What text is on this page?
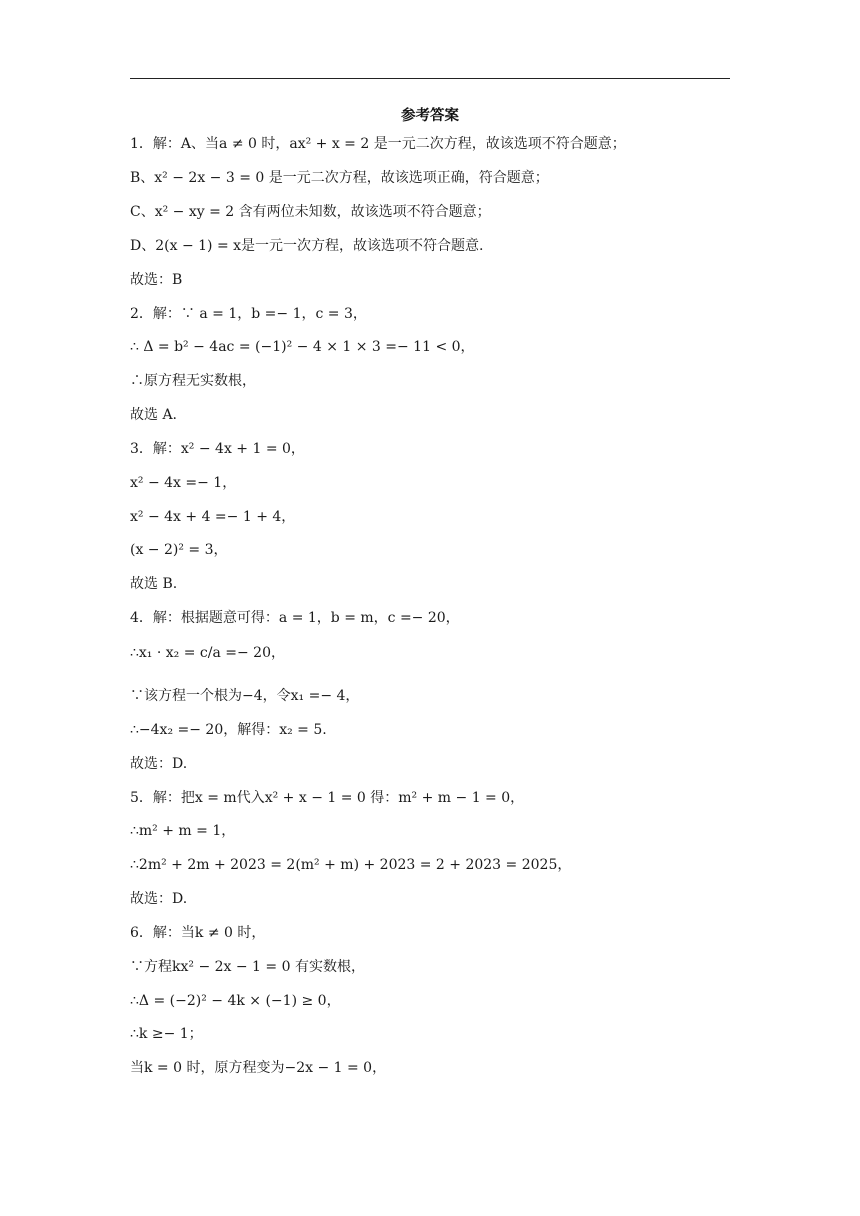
参考答案
1．解：A、当a ≠ 0 时，ax² + x = 2 是一元二次方程，故该选项不符合题意；
B、x² − 2x − 3 = 0 是一元二次方程，故该选项正确，符合题意；
C、x² − xy = 2 含有两位未知数，故该选项不符合题意；
D、2(x − 1) = x是一元一次方程，故该选项不符合题意.
故选：B
2．解：∵ a = 1，b =− 1，c = 3，
∴ Δ = b² − 4ac = (−1)² − 4 × 1 × 3 =− 11 < 0，
∴原方程无实数根，
故选 A.
3．解：x² − 4x + 1 = 0，
x² − 4x =− 1，
x² − 4x + 4 =− 1 + 4，
(x − 2)² = 3，
故选 B.
4．解：根据题意可得：a = 1，b = m，c =− 20，
∴x₁ · x₂ = c/a =− 20，
∵该方程一个根为−4，令x₁ =− 4，
∴−4x₂ =− 20，解得：x₂ = 5.
故选：D.
5．解：把x = m代入x² + x − 1 = 0 得：m² + m − 1 = 0，
∴m² + m = 1，
∴2m² + 2m + 2023 = 2(m² + m) + 2023 = 2 + 2023 = 2025，
故选：D.
6．解：当k ≠ 0 时，
∵方程kx² − 2x − 1 = 0 有实数根，
∴Δ = (−2)² − 4k × (−1) ≥ 0，
∴k ≥− 1；
当k = 0 时，原方程变为−2x − 1 = 0，
